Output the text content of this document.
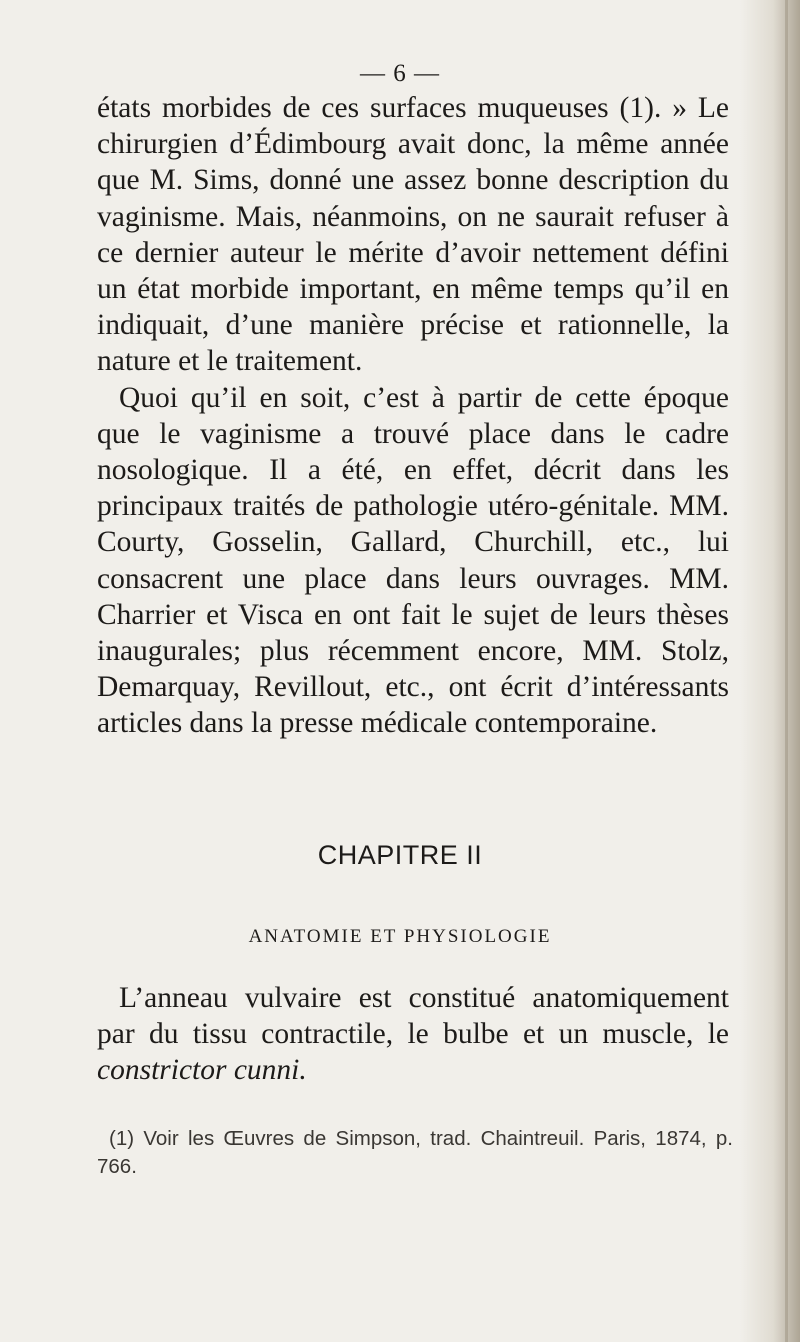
— 6 —

états morbides de ces surfaces muqueuses (1). » Le chirurgien d’Édimbourg avait donc, la même année que M. Sims, donné une assez bonne description du vaginisme. Mais, néanmoins, on ne saurait refuser à ce dernier auteur le mérite d’avoir nettement défini un état morbide important, en même temps qu’il en indiquait, d’une manière précise et rationnelle, la nature et le traitement.

Quoi qu’il en soit, c’est à partir de cette époque que le vaginisme a trouvé place dans le cadre nosologique. Il a été, en effet, décrit dans les principaux traités de pathologie utéro-génitale. MM. Courty, Gosselin, Gallard, Churchill, etc., lui consacrent une place dans leurs ouvrages. MM. Charrier et Visca en ont fait le sujet de leurs thèses inaugurales; plus récemment encore, MM. Stolz, Demarquay, Revillout, etc., ont écrit d’intéressants articles dans la presse médicale contemporaine.

CHAPITRE II
ANATOMIE ET PHYSIOLOGIE

L’anneau vulvaire est constitué anatomiquement par du tissu contractile, le bulbe et un muscle, le constrictor cunni.

(1) Voir les Œuvres de Simpson, trad. Chaintreuil. Paris, 1874, p. 766.
